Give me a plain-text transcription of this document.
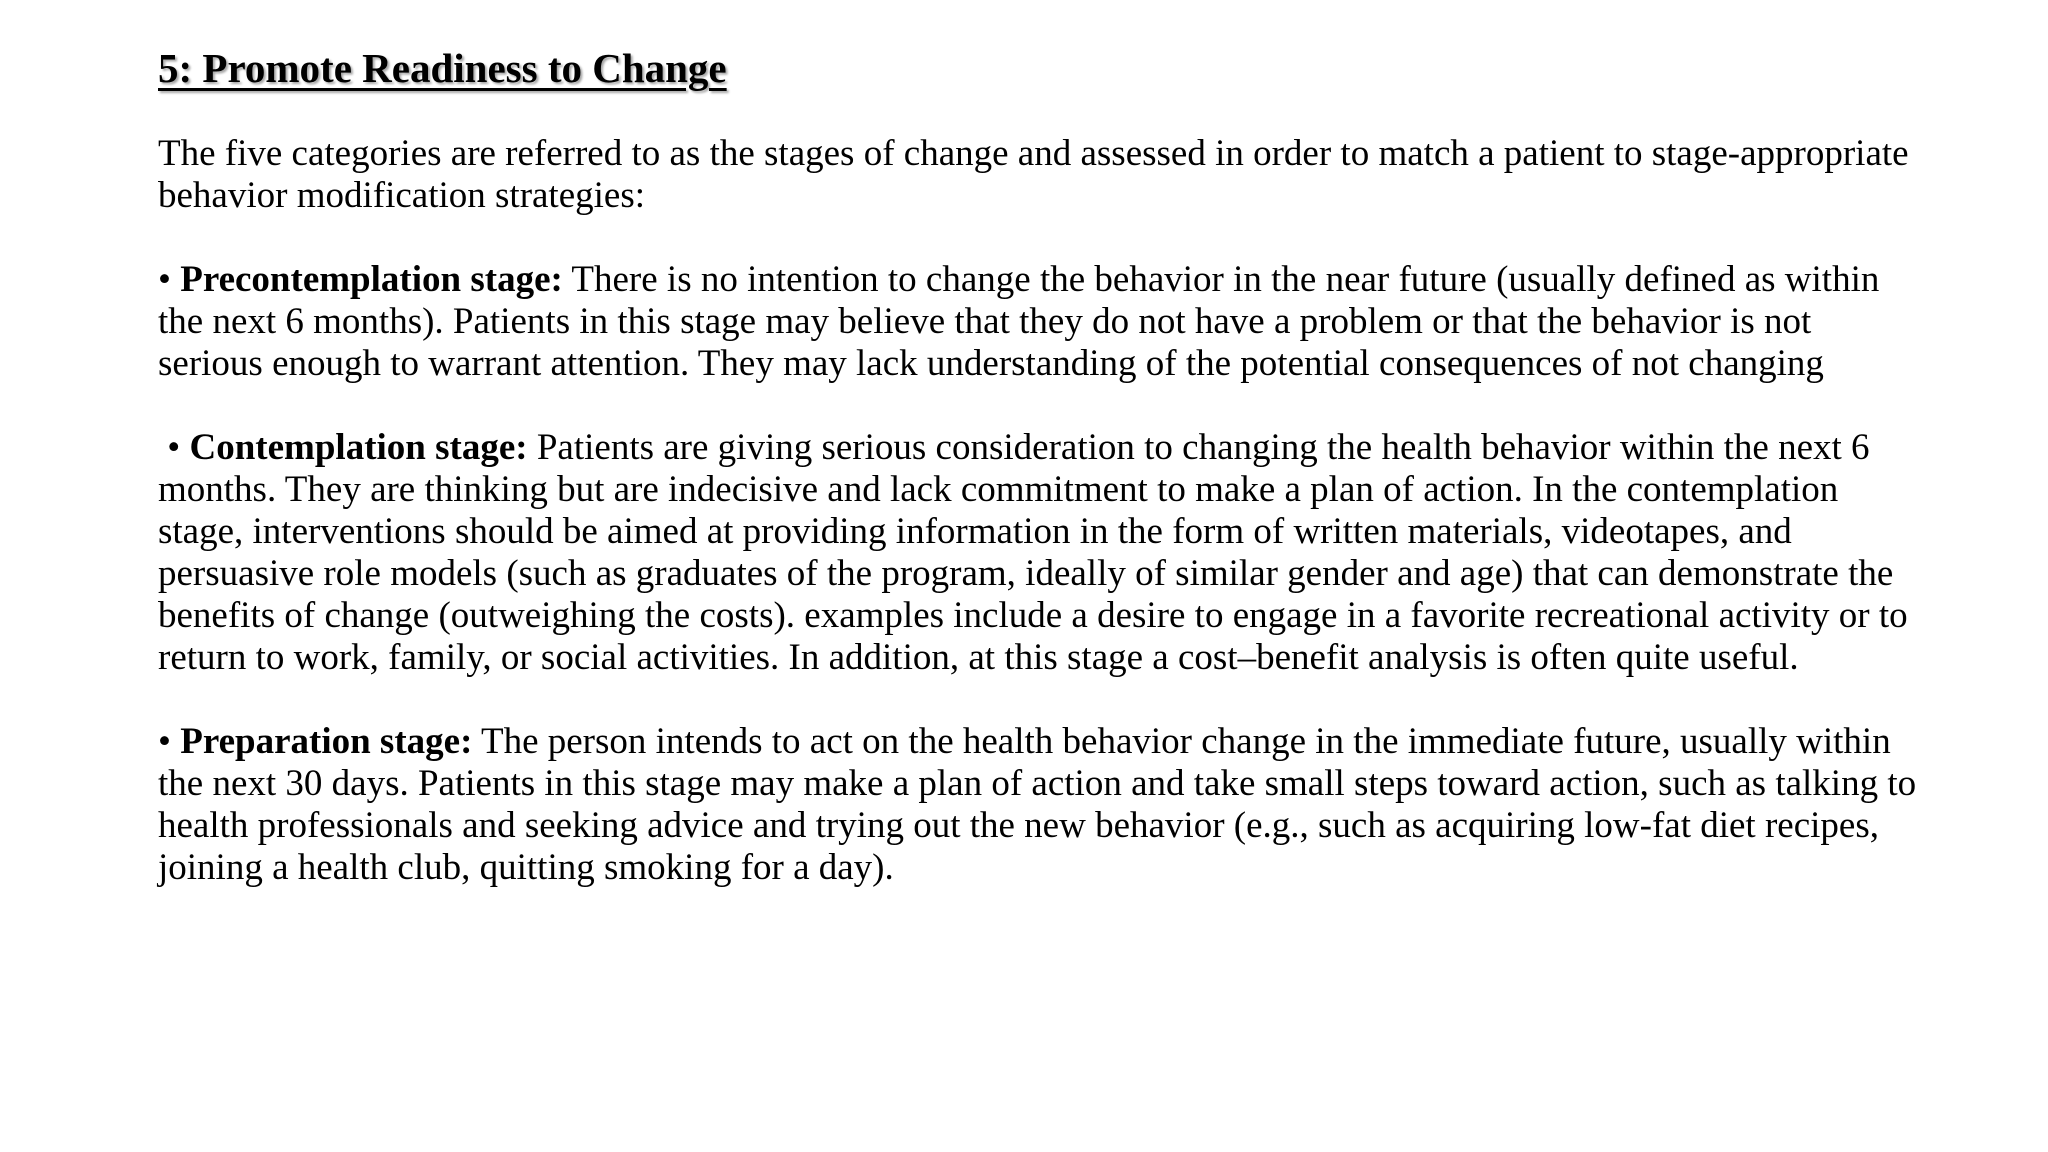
5: Promote Readiness to Change

The five categories are referred to as the stages of change and assessed in order to match a patient to stage-appropriate behavior modification strategies:

• Precontemplation stage: There is no intention to change the behavior in the near future (usually defined as within the next 6 months). Patients in this stage may believe that they do not have a problem or that the behavior is not serious enough to warrant attention. They may lack understanding of the potential consequences of not changing

• Contemplation stage: Patients are giving serious consideration to changing the health behavior within the next 6 months. They are thinking but are indecisive and lack commitment to make a plan of action. In the contemplation stage, interventions should be aimed at providing information in the form of written materials, videotapes, and persuasive role models (such as graduates of the program, ideally of similar gender and age) that can demonstrate the benefits of change (outweighing the costs). examples include a desire to engage in a favorite recreational activity or to return to work, family, or social activities. In addition, at this stage a cost–benefit analysis is often quite useful.

• Preparation stage: The person intends to act on the health behavior change in the immediate future, usually within the next 30 days. Patients in this stage may make a plan of action and take small steps toward action, such as talking to health professionals and seeking advice and trying out the new behavior (e.g., such as acquiring low-fat diet recipes, joining a health club, quitting smoking for a day).
